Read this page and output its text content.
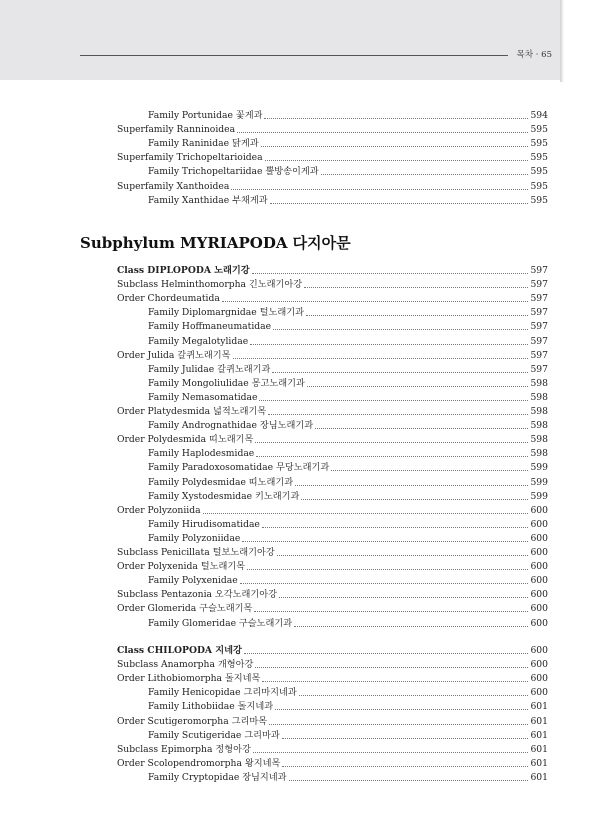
목차 · 65
Subphylum MYRIAPODA 다지아문
Family Portunidae 꽃게과	594
Superfamily Ranninoidea	595
Family Raninidae 닭게과	595
Superfamily Trichopeltarioidea	595
Family Trichopeltariidae 뿔방송이게과	595
Superfamily Xanthoidea	595
Family Xanthidae 부채게과	595
Class DIPLOPODA 노래기강	597
Subclass Helminthomorpha 긴노래기아강	597
Order Chordeumatida	597
Family Diplomargnidae 털노래기과	597
Family Hoffmaneumatidae	597
Family Megalotylidae	597
Order Julida 갈퀴노래기목	597
Family Julidae 갈퀴노래기과	597
Family Mongoliulidae 몽고노래기과	598
Family Nemasomatidae	598
Order Platydesmida 넓적노래기목	598
Family Andrognathidae 장님노래기과	598
Order Polydesmida 띠노래기목	598
Family Haplodesmidae	598
Family Paradoxosomatidae 무당노래기과	599
Family Polydesmidae 띠노래기과	599
Family Xystodesmidae 키노래기과	599
Order Polyzoniida	600
Family Hirudisomatidae	600
Family Polyzoniidae	600
Subclass Penicillata 털보노래기아강	600
Order Polyxenida 털노래기목	600
Family Polyxenidae	600
Subclass Pentazonia 오각노래기아강	600
Order Glomerida 구슬노래기목	600
Family Glomeridae 구슬노래기과	600
Class CHILOPODA 지네강	600
Subclass Anamorpha 개형아강	600
Order Lithobiomorpha 돌지네목	600
Family Henicopidae 그리마지네과	600
Family Lithobiidae 돌지네과	601
Order Scutigeromorpha 그리마목	601
Family Scutigeridae 그리마과	601
Subclass Epimorpha 정형아강	601
Order Scolopendromorpha 왕지네목	601
Family Cryptopidae 장님지네과	601
